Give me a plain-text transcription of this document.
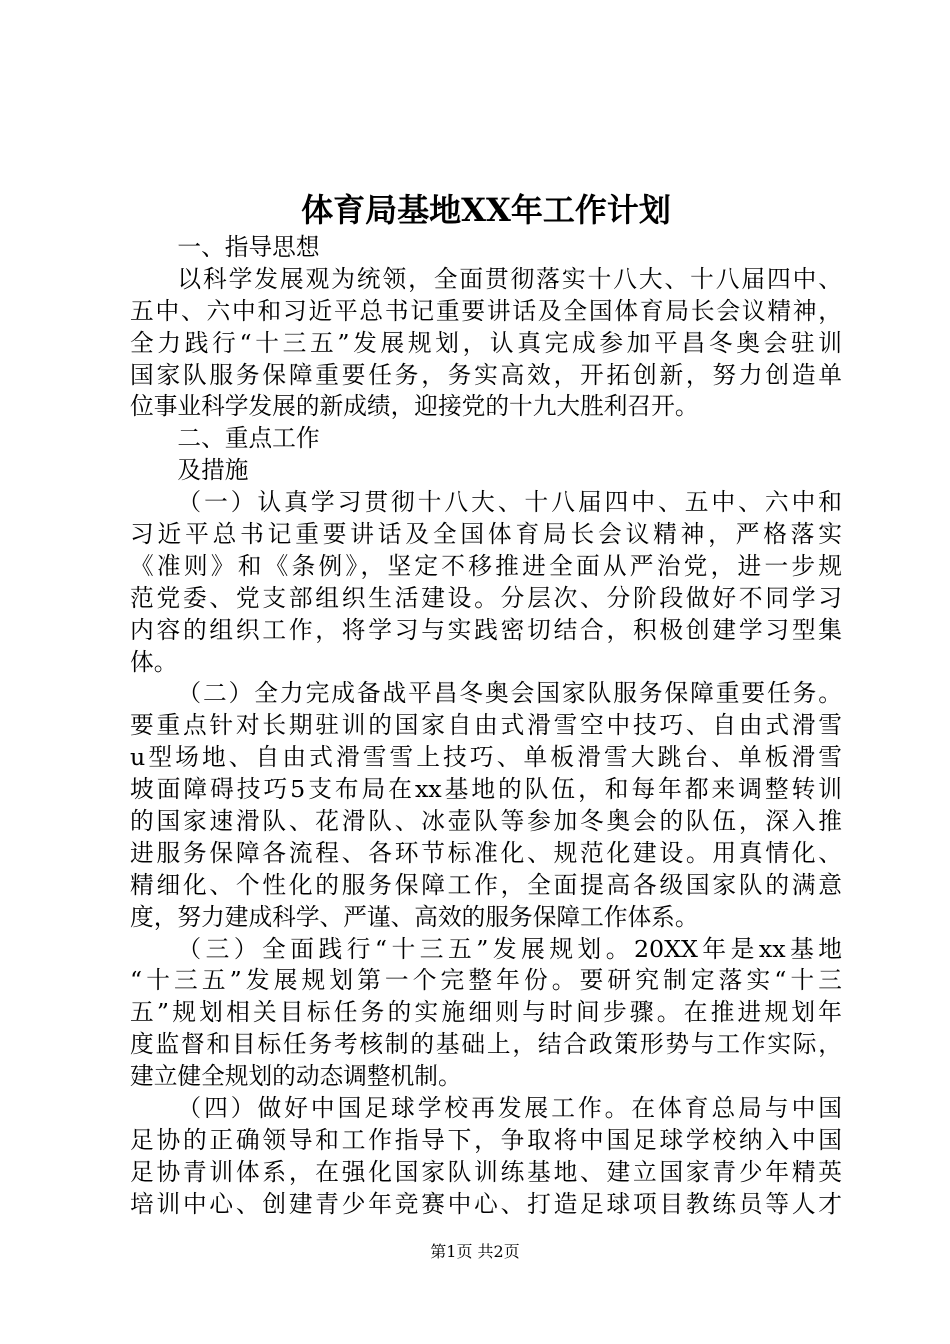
体育局基地XX年工作计划
一、指导思想
以科学发展观为统领，全面贯彻落实十八大、十八届四中、
五中、六中和习近平总书记重要讲话及全国体育局长会议精神，
全力践行“十三五”发展规划，认真完成参加平昌冬奥会驻训
国家队服务保障重要任务，务实高效，开拓创新，努力创造单
位事业科学发展的新成绩，迎接党的十九大胜利召开。
二、重点工作
及措施
（一）认真学习贯彻十八大、十八届四中、五中、六中和
习近平总书记重要讲话及全国体育局长会议精神，严格落实
《准则》和《条例》，坚定不移推进全面从严治党，进一步规
范党委、党支部组织生活建设。分层次、分阶段做好不同学习
内容的组织工作，将学习与实践密切结合，积极创建学习型集
体。
（二）全力完成备战平昌冬奥会国家队服务保障重要任务。
要重点针对长期驻训的国家自由式滑雪空中技巧、自由式滑雪
u型场地、自由式滑雪雪上技巧、单板滑雪大跳台、单板滑雪
坡面障碍技巧5支布局在xx基地的队伍，和每年都来调整转训
的国家速滑队、花滑队、冰壶队等参加冬奥会的队伍，深入推
进服务保障各流程、各环节标准化、规范化建设。用真情化、
精细化、个性化的服务保障工作，全面提高各级国家队的满意
度，努力建成科学、严谨、高效的服务保障工作体系。
（三）全面践行“十三五”发展规划。20XX年是xx基地
“十三五”发展规划第一个完整年份。要研究制定落实“十三
五”规划相关目标任务的实施细则与时间步骤。在推进规划年
度监督和目标任务考核制的基础上，结合政策形势与工作实际，
建立健全规划的动态调整机制。
（四）做好中国足球学校再发展工作。在体育总局与中国
足协的正确领导和工作指导下，争取将中国足球学校纳入中国
足协青训体系，在强化国家队训练基地、建立国家青少年精英
培训中心、创建青少年竞赛中心、打造足球项目教练员等人才
第1页 共2页
